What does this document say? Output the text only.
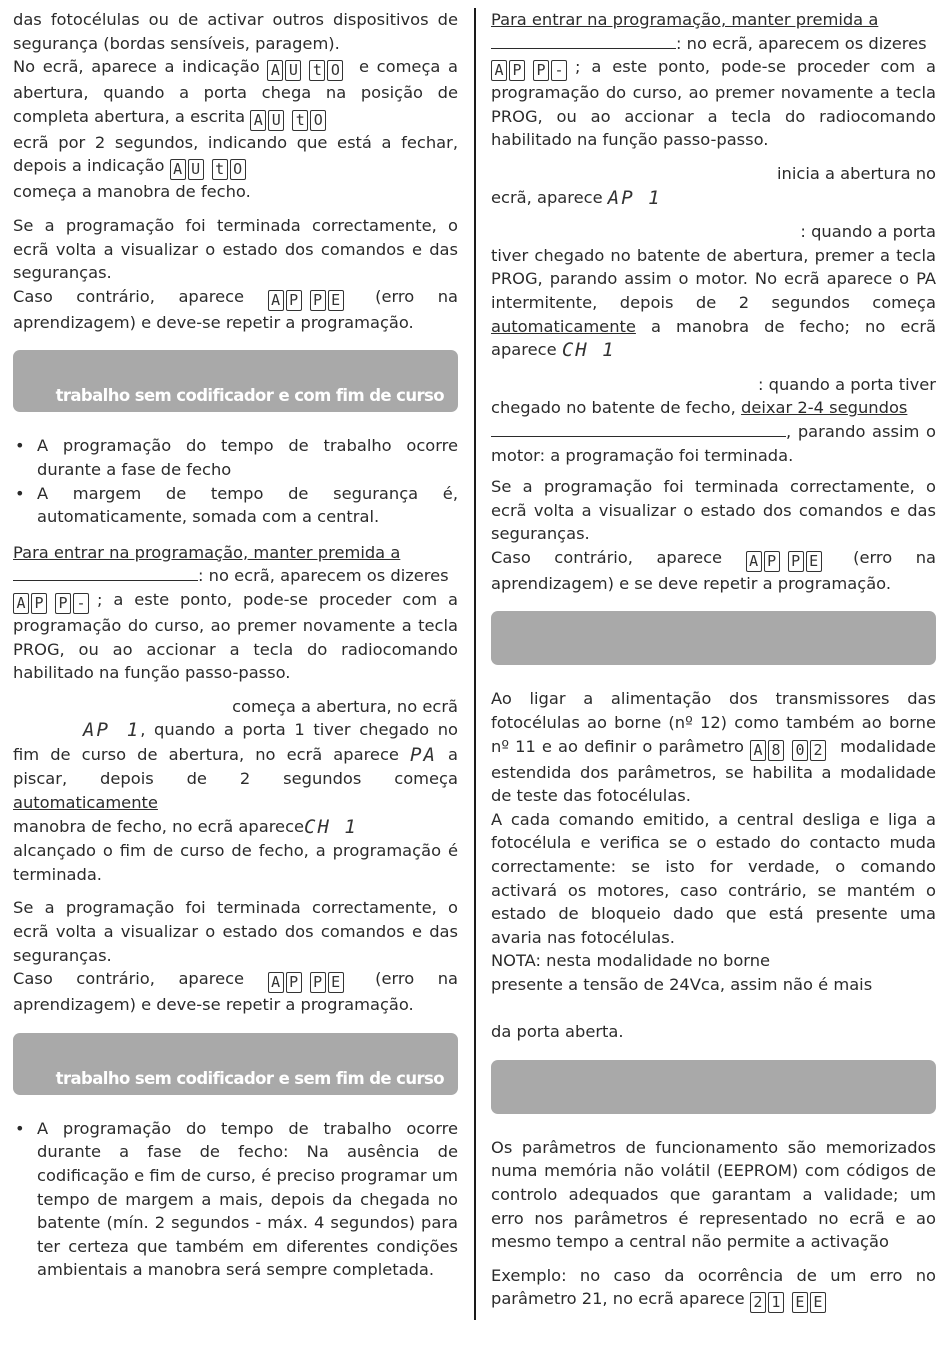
das fotocélulas ou de activar outros dispositivos de segurança (bordas sensíveis, paragem).

No ecrã, aparece a indicação A U t O e começa a abertura, quando a porta chega na posição de completa abertura, a escrita A U t O
ecrã por 2 segundos, indicando que está a fechar, depois a indicação A U t O
começa a manobra de fecho.

Se a programação foi terminada correctamente, o ecrã volta a visualizar o estado dos comandos e das seguranças.

Caso contrário, aparece A P P E (erro na aprendizagem) e deve-se repetir a programação.

trabalho sem codificador e com fim de curso
• A programação do tempo de trabalho ocorre durante a fase de fecho
• A margem de tempo de segurança é, automaticamente, somada com a central.

Para entrar na programação, manter premida a
: no ecrã, aparecem os dizeres
A P P - ; a este ponto, pode-se proceder com a programação do curso, ao premer novamente a tecla PROG, ou ao accionar a tecla do radiocomando habilitado na função passo-passo.

começa a abertura, no ecrã
AP 1, quando a porta 1 tiver chegado no fim de curso de abertura, no ecrã aparece PA a piscar, depois de 2 segundos começa automaticamente
manobra de fecho, no ecrã apareceCH 1
alcançado o fim de curso de fecho, a programação é terminada.

Se a programação foi terminada correctamente, o ecrã volta a visualizar o estado dos comandos e das seguranças.

Caso contrário, aparece A P P E (erro na aprendizagem) e deve-se repetir a programação.

trabalho sem codificador e sem fim de curso
• A programação do tempo de trabalho ocorre durante a fase de fecho: Na ausência de codificação e fim de curso, é preciso programar um tempo de margem a mais, depois da chegada no batente (mín. 2 segundos - máx. 4 segundos) para ter certeza que também em diferentes condições ambientais a manobra será sempre completada.

Para entrar na programação, manter premida a
: no ecrã, aparecem os dizeres
A P P - ; a este ponto, pode-se proceder com a programação do curso, ao premer novamente a tecla PROG, ou ao accionar a tecla do radiocomando habilitado na função passo-passo.

inicia a abertura no
ecrã, aparece AP 1

: quando a porta
tiver chegado no batente de abertura, premer a tecla PROG, parando assim o motor. No ecrã aparece o PA intermitente, depois de 2 segundos começa automaticamente a manobra de fecho; no ecrã aparece CH 1

: quando a porta tiver
chegado no batente de fecho, deixar 2-4 segundos
, parando assim o motor: a programação foi terminada.

Se a programação foi terminada correctamente, o ecrã volta a visualizar o estado dos comandos e das seguranças.

Caso contrário, aparece A P P E (erro na aprendizagem) e se deve repetir a programação.

Ao ligar a alimentação dos transmissores das fotocélulas ao borne (nº 12) como também ao borne nº 11 e ao definir o parâmetro A 8 0 2 modalidade estendida dos parâmetros, se habilita a modalidade de teste das fotocélulas.

A cada comando emitido, a central desliga e liga a fotocélula e verifica se o estado do contacto muda correctamente: se isto for verdade, o comando activará os motores, caso contrário, se mantém o estado de bloqueio dado que está presente uma avaria nas fotocélulas.

NOTA: nesta modalidade no borne
presente a tensão de 24Vca, assim não é mais

da porta aberta.

Os parâmetros de funcionamento são memorizados numa memória não volátil (EEPROM) com códigos de controlo adequados que garantam a validade; um erro nos parâmetros é representado no ecrã e ao mesmo tempo a central não permite a activação

Exemplo: no caso da ocorrência de um erro no parâmetro 21, no ecrã aparece 2 1 E E
